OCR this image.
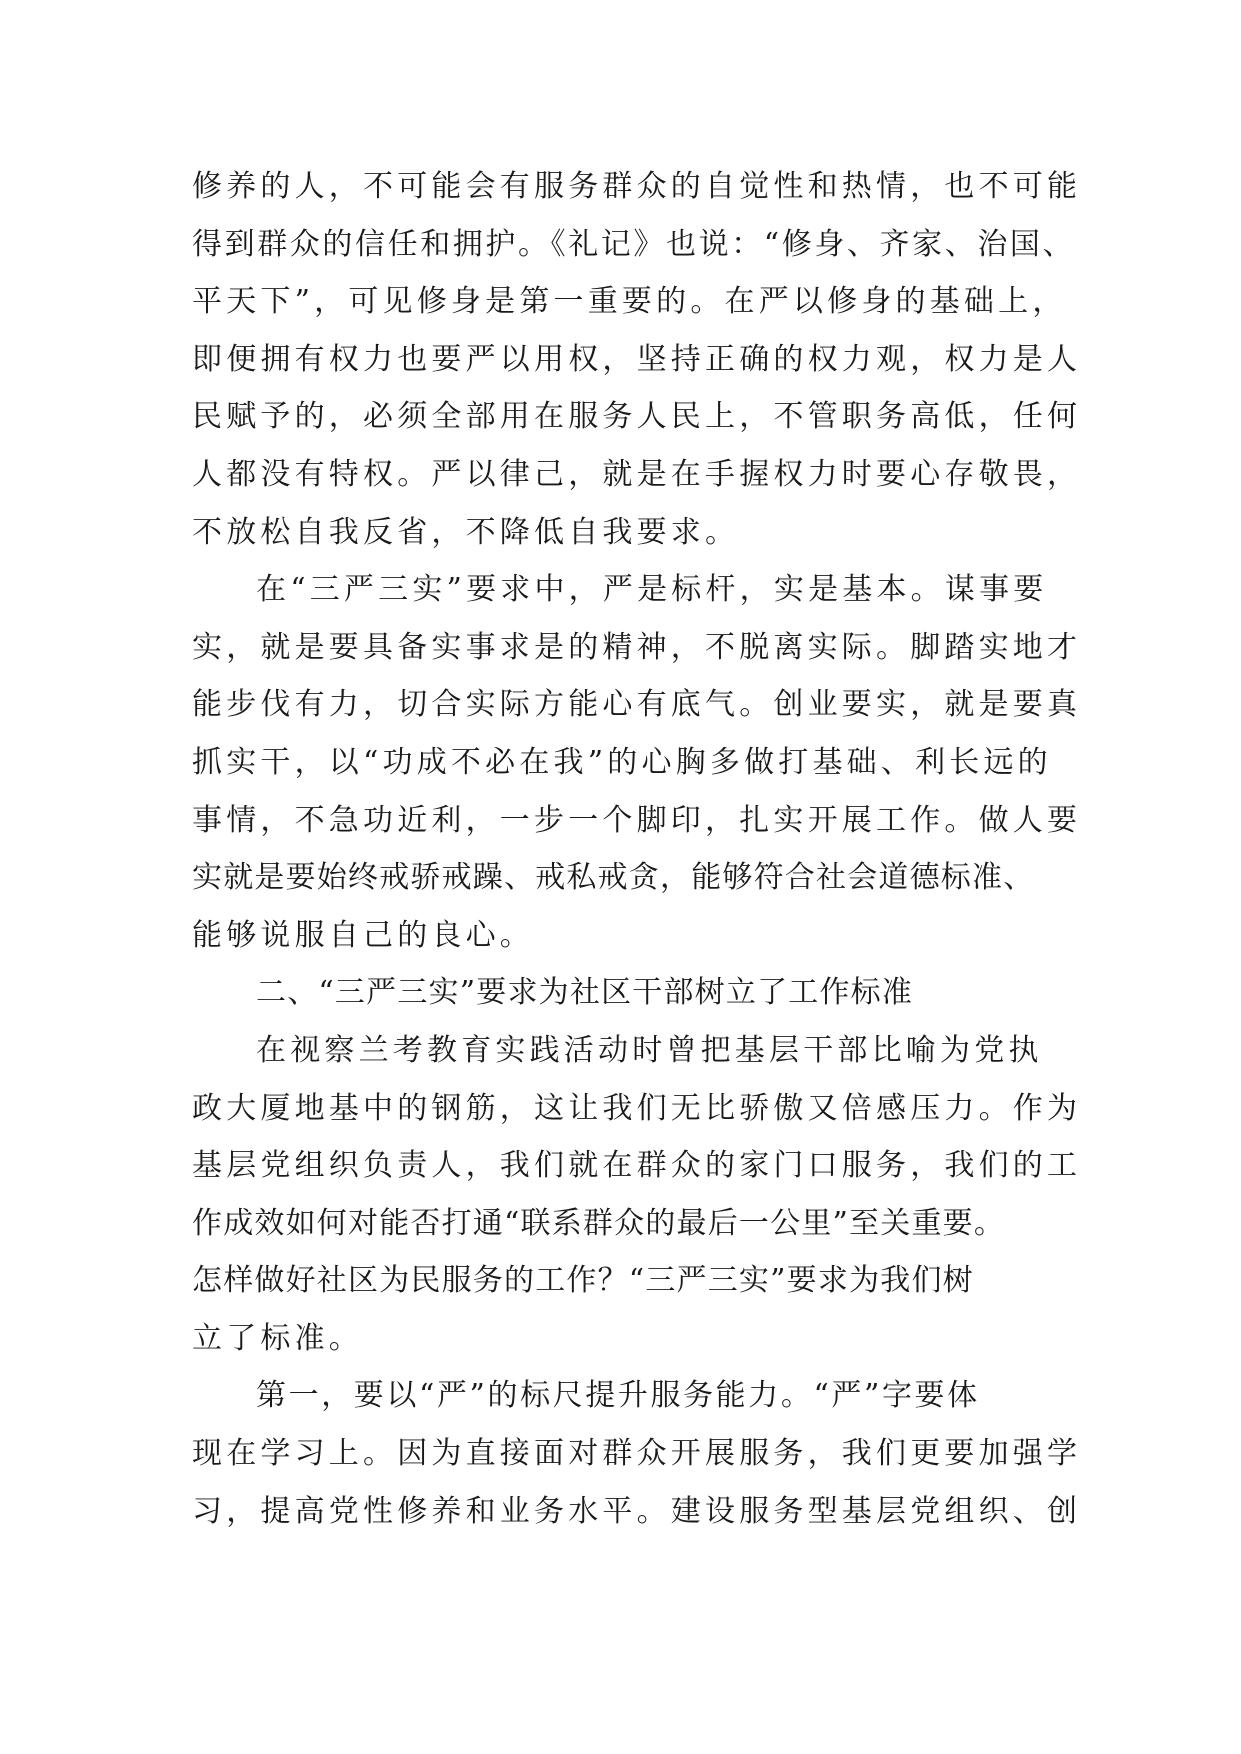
修养的人，不可能会有服务群众的自觉性和热情，也不可能
得到群众的信任和拥护。《礼记》也说：“修身、齐家、治国、
平天下”，可见修身是第一重要的。在严以修身的基础上，
即便拥有权力也要严以用权，坚持正确的权力观，权力是人
民赋予的，必须全部用在服务人民上，不管职务高低，任何
人都没有特权。严以律己，就是在手握权力时要心存敬畏，
不放松自我反省，不降低自我要求。
在“三严三实”要求中，严是标杆，实是基本。谋事要
实，就是要具备实事求是的精神，不脱离实际。脚踏实地才
能步伐有力，切合实际方能心有底气。创业要实，就是要真
抓实干，以“功成不必在我”的心胸多做打基础、利长远的
事情，不急功近利，一步一个脚印，扎实开展工作。做人要
实就是要始终戒骄戒躁、戒私戒贪，能够符合社会道德标准、
能够说服自己的良心。
二、“三严三实”要求为社区干部树立了工作标准
在视察兰考教育实践活动时曾把基层干部比喻为党执
政大厦地基中的钢筋，这让我们无比骄傲又倍感压力。作为
基层党组织负责人，我们就在群众的家门口服务，我们的工
作成效如何对能否打通“联系群众的最后一公里”至关重要。
怎样做好社区为民服务的工作？“三严三实”要求为我们树
立了标准。
第一，要以“严”的标尺提升服务能力。“严”字要体
现在学习上。因为直接面对群众开展服务，我们更要加强学
习，提高党性修养和业务水平。建设服务型基层党组织、创
